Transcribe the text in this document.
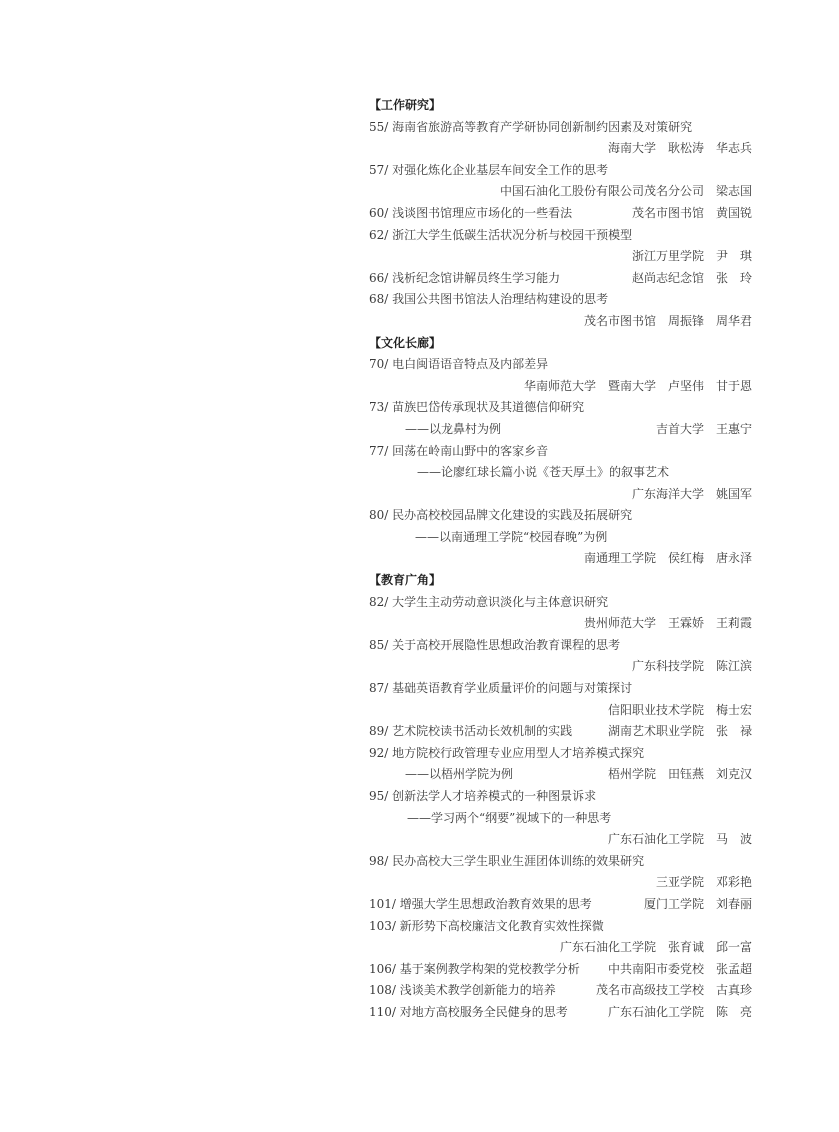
【工作研究】
55/ 海南省旅游高等教育产学研协同创新制约因素及对策研究
海南大学　耿松涛　华志兵
57/ 对强化炼化企业基层车间安全工作的思考
中国石油化工股份有限公司茂名分公司　梁志国
60/ 浅谈图书馆理应市场化的一些看法	茂名市图书馆　黄国锐
62/ 浙江大学生低碳生活状况分析与校园干预模型
浙江万里学院　尹　琪
66/ 浅析纪念馆讲解员终生学习能力	赵尚志纪念馆　张　玲
68/ 我国公共图书馆法人治理结构建设的思考
茂名市图书馆　周振锋　周华君
【文化长廊】
70/ 电白闽语语音特点及内部差异
华南师范大学　暨南大学　卢坚伟　甘于恩
73/ 苗族巴岱传承现状及其道德信仰研究
——以龙鼻村为例	吉首大学　王惠宁
77/ 回荡在岭南山野中的客家乡音
——论廖红球长篇小说《苍天厚土》的叙事艺术
广东海洋大学　姚国军
80/ 民办高校校园品牌文化建设的实践及拓展研究
——以南通理工学院“校园春晚”为例
南通理工学院　侯红梅　唐永泽
【教育广角】
82/ 大学生主动劳动意识淡化与主体意识研究
贵州师范大学　王霖娇　王莉霞
85/ 关于高校开展隐性思想政治教育课程的思考
广东科技学院　陈江滨
87/ 基础英语教育学业质量评价的问题与对策探讨
信阳职业技术学院　梅士宏
89/ 艺术院校读书活动长效机制的实践	湖南艺术职业学院　张　禄
92/ 地方院校行政管理专业应用型人才培养模式探究
——以梧州学院为例	梧州学院　田钰燕　刘克汉
95/ 创新法学人才培养模式的一种图景诉求
——学习两个“纲要”视域下的一种思考
广东石油化工学院　马　波
98/ 民办高校大三学生职业生涯团体训练的效果研究
三亚学院　邓彩艳
101/ 增强大学生思想政治教育效果的思考	厦门工学院　刘春丽
103/ 新形势下高校廉洁文化教育实效性探微
广东石油化工学院　张育诚　邱一富
106/ 基于案例教学构架的党校教学分析 中共南阳市委党校　张孟超
108/ 浅谈美术教学创新能力的培养	茂名市高级技工学校　古真珍
110/ 对地方高校服务全民健身的思考	广东石油化工学院　陈　亮
